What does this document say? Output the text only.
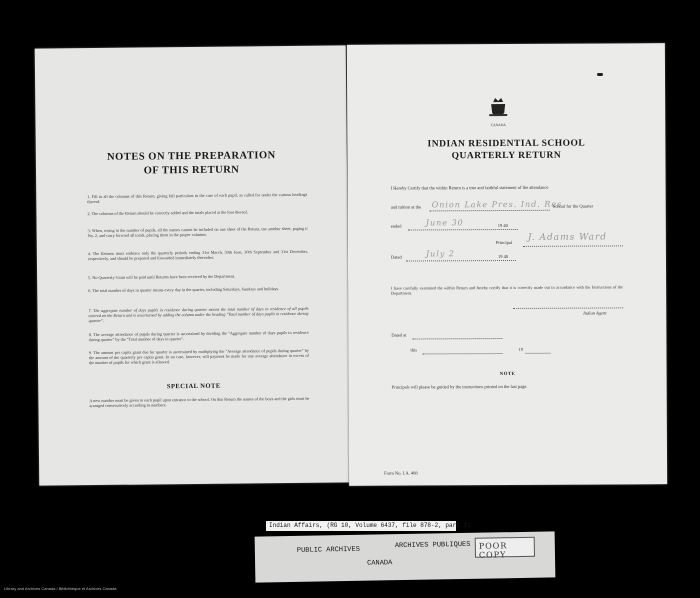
NOTES ON THE PREPARATION
OF THIS RETURN
1. Fill in all the columns of this Return, giving full particulars in the case of each pupil, as called for under the various headings thereof.
2. The columns of the Return should be correctly added and the totals placed at the foot thereof.
3. When, owing to the number of pupils, all the names cannot be included on one sheet of the Return, use another sheet, paging it No. 2, and carry forward all totals, placing them in the proper columns.
4. The Returns must embrace only the quarterly periods ending 31st March, 30th June, 30th September and 31st December, respectively, and should be prepared and forwarded immediately thereafter.
5. No Quarterly Grant will be paid until Returns have been received by the Department.
6. The total number of days in quarter means every day in the quarter, including Saturdays, Sundays and holidays.
7. The aggregate number of days pupils in residence during quarter means the total number of days in residence of all pupils entered on the Return and is ascertained by adding the column under the heading "Total number of days pupils in residence during quarter".
8. The average attendance of pupils during quarter is ascertained by dividing the "Aggregate number of days pupils in residence during quarter" by the "Total number of days in quarter".
9. The amount per capita grant due for quarter is ascertained by multiplying the "Average attendance of pupils during quarter" by the amount of the quarterly per capita grant. In no case, however, will payment be made for any average attendance in excess of the number of pupils for which grant is allowed.
SPECIAL NOTE
A new number must be given to each pupil upon entrance to the school. On this Return the names of the boys and the girls must be arranged consecutively according to numbers.
CANADA
INDIAN RESIDENTIAL SCHOOL
QUARTERLY RETURN
I Hereby Certify that the within Return is a true and faithful statement of the attendance
and tuition at the Onion Lake Pres. Ind. Res
School for the Quarter
ended	June 30	19 40
Principal J. Adams Ward
Dated	July 2	19 40
I have carefully examined the within Return and hereby certify that it is correctly made out in accordance with the Instructions of the Department.
Indian Agent
Dated at
this	19
NOTE
Principals will please be guided by the instructions printed on the last page.
Form No. I.A. 408
Indian Affairs, (RG 10, Volume 6437, file 878-2, part 3)
PUBLIC ARCHIVES
ARCHIVES PUBLIQUES
CANADA
POOR COPY
Library and Archives Canada / Bibliothèque et Archives Canada
